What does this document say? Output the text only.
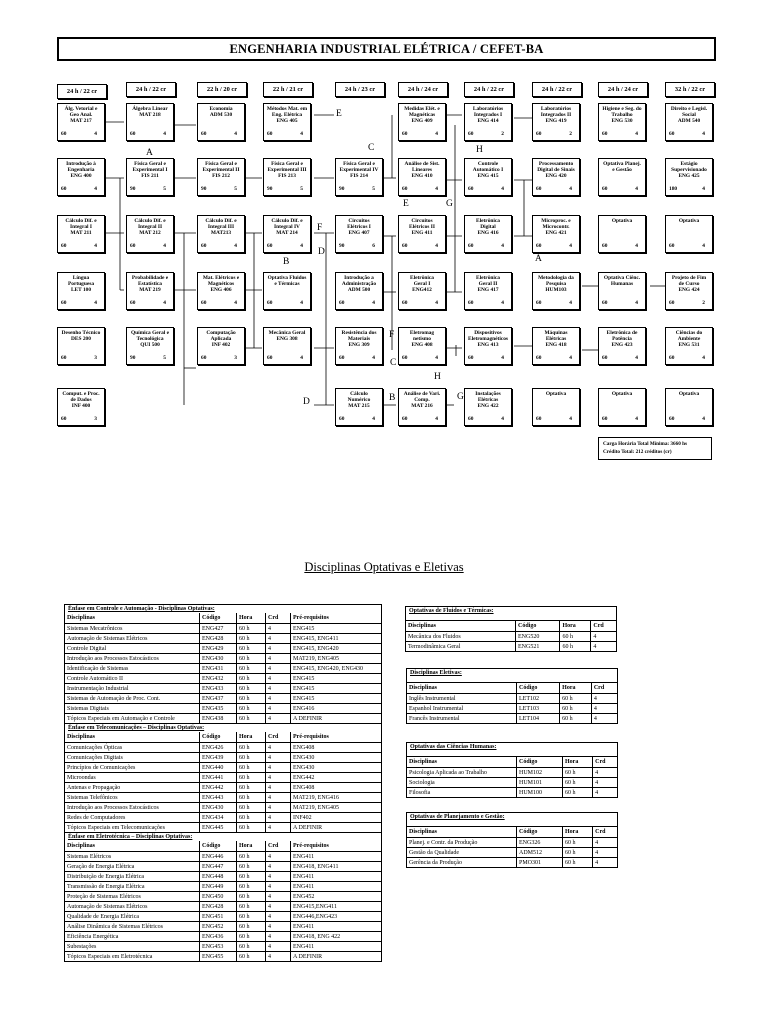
ENGENHARIA INDUSTRIAL ELÉTRICA / CEFET-BA
24 h / 22 cr	24 h / 22 cr	22 h / 20 cr	22 h / 21 cr	24 h / 23 cr	24 h / 24 cr	24 h / 22 cr	24 h / 22 cr	24 h / 24 cr	32 h / 22 cr
Álg. Vetorial e
Geo Anal.
MAT 217
60	4
Introdução à
Engenharia
ENG 400
60	4
Cálculo Dif. e
Integral I
MAT 211
60	4
Língua
Portuguesa
LET 100
60	4
Desenho Técnico
DES 200
60	3
Comput. e Proc.
de Dados
INF 400
60	3
Álgebra Linear
MAT 218
60	4
Física Geral e
Experimental I
FIS 211
90	5
Cálculo Dif. e
Integral II
MAT 212
60	4
Probabilidade e
Estatística
MAT 219
60	4
Química Geral e
Tecnológica
QUI 500
90	5
Economia
ADM 530
60	4
Física Geral e
Experimental II
FIS 212
90	5
Cálculo Dif. e
Integral III
MAT213
60	4
Mat. Elétricos e
Magnéticos
ENG 406
60	4
Computação
Aplicada
INF 402
60	3
Métodos Mat. em
Eng. Elétrica
ENG 405
60	4
Física Geral e
Experimental III
FIS 213
90	5
Cálculo Dif. e
Integral IV
MAT 214
60	4
Optativa Fluidos
e Térmicas
60	4
Mecânica Geral
ENG 308
60	4
Física Geral e
Experimental IV
FIS 214
90	5
Circuitos
Elétricos I
ENG 407
90	6
Introdução a
Administração
ADM 500
60	4
Resistência dos
Materiais
ENG 309
60	4
Cálculo
Numérico
MAT 215
60	4
Medidas Elét. e
Magnéticas
ENG 409
60	4
Análise de Sist.
Lineares
ENG 410
60	4
Circuitos
Elétricos II
ENG 411
60	4
Eletrônica
Geral I
ENG412
60	4
Eletromag
netismo
ENG 408
60	4
Análise de Vari.
Comp.
MAT 216
60	4
Laboratórios
Integrados I
ENG 414
60	2
Controle
Automático I
ENG 415
60	4
Eletrônica
Digital
ENG 416
60	4
Eletrônica
Geral II
ENG 417
60	4
Dispositivos
Eletromagnéticos
ENG 413
60	4
Instalações
Elétricas
ENG 422
60	4
Laboratórios
Integrados II
ENG 419
60	2
Processamento
Digital de Sinais
ENG 420
60	4
Microproc. e
Microcontr.
ENG 421
60	4
Metodologia da
Pesquisa
HUM103
60	4
Máquinas
Elétricas
ENG 418
60	4
Optativa
60	4
Higiene e Seg. do
Trabalho
ENG 530
60	4
Optativa Planej.
e Gestão
60	4
Optativa
60	4
Optativa Ciênc.
Humanas
60	4
Eletrônica de
Potência
ENG 423
60	4
Optativa
60	4
Direito e Legisl.
Social
ADM 540
60	4
Estágio
Supervisionado
ENG 425
180	4
Optativa
60	4
Projeto de Fim
de Curso
ENG 424
60	2
Ciências do
Ambiente
ENG 531
60	4
Optativa
60	4
A
A
B
B
C
C
D
D
E
E
F
F
G
G
H
H
Carga Horária Total Mínima: 3660 hs
Crédito Total: 212 créditos (cr)
Disciplinas Optativas e Eletivas
Ênfase em Controle e Automação - Disciplinas Optativas:
Disciplinas	Código	Hora	Crd	Pré-requisitos
Sistemas Mecatrônicos	ENG427	60 h	4	ENG415
Automação de Sistemas Elétricos	ENG428	60 h	4	ENG415, ENG411
Controle Digital	ENG429	60 h	4	ENG415, ENG420
Introdução aos Processos Estocásticos	ENG430	60 h	4	MAT219, ENG405
Identificação de Sistemas	ENG431	60 h	4	ENG415, ENG420, ENG430
Controle Automático II	ENG432	60 h	4	ENG415
Instrumentação Industrial	ENG433	60 h	4	ENG415
Sistemas de Automação de Proc. Cont.	ENG437	60 h	4	ENG415
Sistemas Digitais	ENG435	60 h	4	ENG416
Tópicos Especiais em Automação e Controle	ENG438	60 h	4	A DEFINIR
Ênfase em Telecomunicações – Disciplinas Optativas:
Disciplinas	Código	Hora	Crd	Pré-requisitos
Comunicações Ópticas	ENG426	60 h	4	ENG408
Comunicações Digitais	ENG439	60 h	4	ENG430
Princípios de Comunicações	ENG440	60 h	4	ENG430
Microondas	ENG441	60 h	4	ENG442
Antenas e Propagação	ENG442	60 h	4	ENG408
Sistemas Telefônicos	ENG443	60 h	4	MAT219, ENG416
Introdução aos Processos Estocásticos	ENG430	60 h	4	MAT219, ENG405
Redes de Computadores	ENG434	60 h	4	INF402
Tópicos Especiais em Telecomunicações	ENG445	60 h	4	A DEFINIR
Ênfase em Eletrotécnica – Disciplinas Optativas:
Disciplinas	Código	Hora	Crd	Pré-requisitos
Sistemas Elétricos	ENG446	60 h	4	ENG411
Geração de Energia Elétrica	ENG447	60 h	4	ENG418, ENG411
Distribuição de Energia Elétrica	ENG448	60 h	4	ENG411
Transmissão de Energia Elétrica	ENG449	60 h	4	ENG411
Proteção de Sistemas Elétricos	ENG450	60 h	4	ENG452
Automação de Sistemas Elétricos	ENG428	60 h	4	ENG415,ENG411
Qualidade de Energia Elétrica	ENG451	60 h	4	ENG446,ENG423
Análise Dinâmica de Sistemas Elétricos	ENG452	60 h	4	ENG411
Eficiência Energética	ENG436	60 h	4	ENG418, ENG 422
Subestações	ENG453	60 h	4	ENG411
Tópicos Especiais em Eletrotécnica	ENG455	60 h	4	A DEFINIR
Optativas de Fluidos e Térmicas:
Disciplinas	Código	Hora	Crd
Mecânica dos Fluidos	ENG520	60 h	4
Termodinâmica Geral	ENG521	60 h	4
Disciplinas Eletivas:
Disciplinas	Código	Hora	Crd
Inglês Instrumental	LET102	60 h	4
Espanhol Instrumental	LET103	60 h	4
Francês Instrumental	LET104	60 h	4
Optativas das Ciências Humanas:
Disciplinas	Código	Hora	Crd
Psicologia Aplicada ao Trabalho	HUM102	60 h	4
Sociologia	HUM101	60 h	4
Filosofia	HUM100	60 h	4
Optativas de Planejamento e Gestão:
Disciplinas	Código	Hora	Crd
Planej. e Contr. da Produção	ENG326	60 h	4
Gestão da Qualidade	ADM512	60 h	4
Gerência da Produção	PMO301	60 h	4
